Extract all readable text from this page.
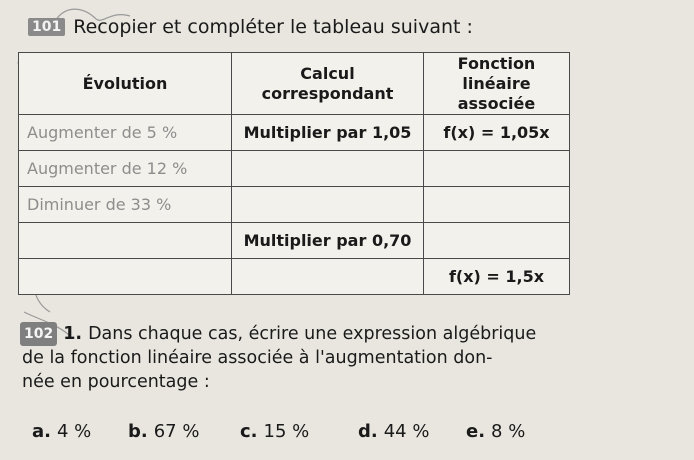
101 Recopier et compléter le tableau suivant :
Évolution	Calcul correspondant	Fonction linéaire associée
Augmenter de 5 %	Multiplier par 1,05	f(x) = 1,05x
Augmenter de 12 %		
Diminuer de 33 %		
	Multiplier par 0,70	
		f(x) = 1,5x
102 1. Dans chaque cas, écrire une expression algébrique
de la fonction linéaire associée à l'augmentation don-
née en pourcentage :
a. 4 % b. 67 % c. 15 %	d. 44 % e. 8 %
